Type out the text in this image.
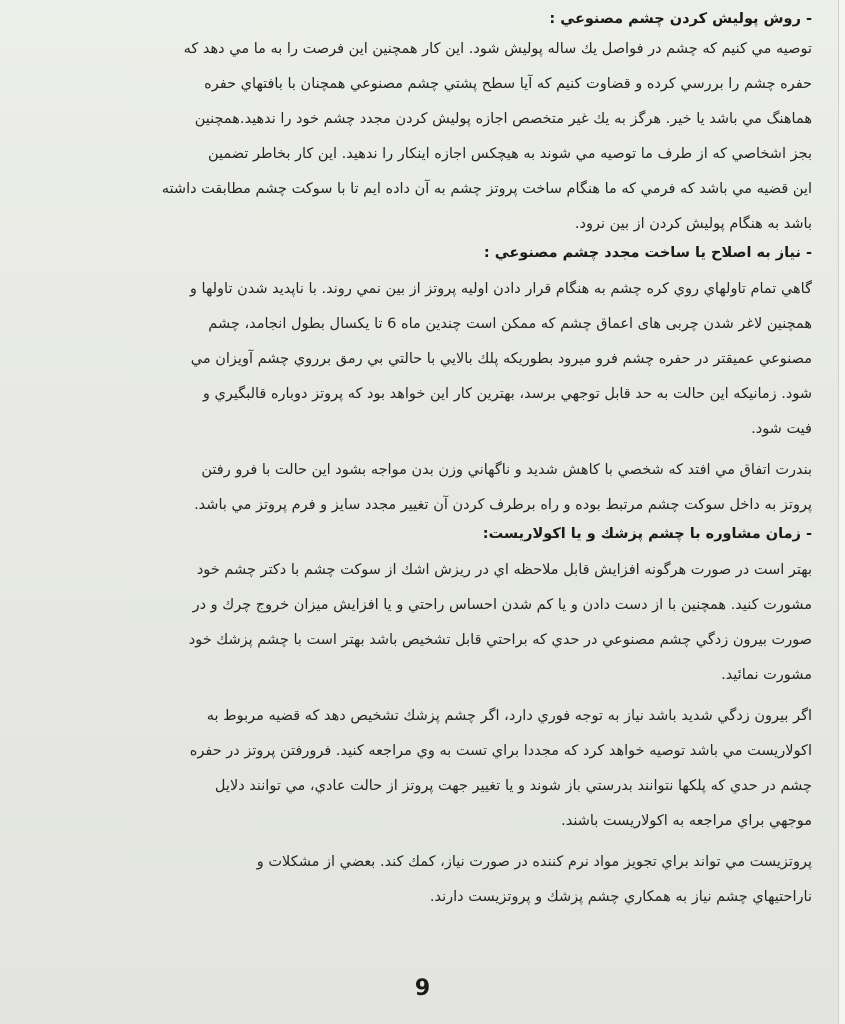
- روش پوليش كردن چشم مصنوعي :

توصيه مي كنيم كه چشم در فواصل يك ساله پوليش شود. اين كار همچنين اين فرصت را به ما مي دهد كه
حفره چشم را بررسي كرده و قضاوت كنيم كه آيا سطح پشتي چشم مصنوعي همچنان با بافتهاي حفره
هماهنگ مي باشد يا خير. هرگز به يك غير متخصص اجازه پوليش كردن مجدد چشم خود را ندهيد.همچنين
بجز اشخاصي كه از طرف ما توصيه مي شوند به هيچكس اجازه اينكار را ندهيد. اين كار بخاطر تضمين
اين قضيه مي باشد كه فرمي كه ما هنگام ساخت پروتز چشم به آن داده ايم تا با سوكت چشم مطابقت داشته
باشد به هنگام پوليش كردن از بين نرود.

- نياز به اصلاح يا ساخت مجدد چشم مصنوعي :

گاهي تمام تاولهاي روي كره چشم به هنگام قرار دادن اوليه پروتز از بين نمي روند. با ناپديد شدن تاولها و
همچنين لاغر شدن چربی های اعماق چشم كه ممكن است چندين ماه 6 تا يكسال بطول انجامد، چشم
مصنوعي عميقتر در حفره چشم فرو ميرود بطوريكه پلك بالايي با حالتي بي رمق برروي چشم آويزان مي
شود. زمانيكه اين حالت به حد قابل توجهي برسد، بهترين كار اين خواهد بود كه پروتز دوباره قالبگيري و
فيت شود.

بندرت اتفاق مي افتد كه شخصي با كاهش شديد و ناگهاني وزن بدن مواجه بشود اين حالت با فرو رفتن
پروتز به داخل سوكت چشم مرتبط بوده و راه برطرف كردن آن تغيير مجدد سايز و فرم پروتز مي باشد.

- زمان مشاوره با چشم پزشك و يا اكولاريست:

بهتر است در صورت هرگونه افزايش قابل ملاحظه اي در ريزش اشك از سوكت چشم با دكتر چشم خود
مشورت كنيد. همچنين با از دست دادن و يا كم شدن احساس راحتي و يا افزايش ميزان خروج چرك و در
صورت بيرون زدگي چشم مصنوعي در حدي كه براحتي قابل تشخيص باشد بهتر است با چشم پزشك خود
مشورت نمائيد.

اگر بيرون زدگي شديد باشد نياز به توجه فوري دارد، اگر چشم پزشك تشخيص دهد كه قضيه مربوط به
اكولاريست مي باشد توصيه خواهد كرد كه مجددا براي تست به وي مراجعه كنيد. فرورفتن پروتز در حفره
چشم در حدي كه پلكها نتوانند بدرستي باز شوند و يا تغيير جهت پروتز از حالت عادي، مي توانند دلايل
موجهي براي مراجعه به اكولاريست باشند.

پروتزيست مي تواند براي تجويز مواد نرم كننده در صورت نياز، كمك كند. بعضي از مشكلات و
ناراحتيهاي چشم نياز به همكاري چشم پزشك و پروتزيست دارند.

9
